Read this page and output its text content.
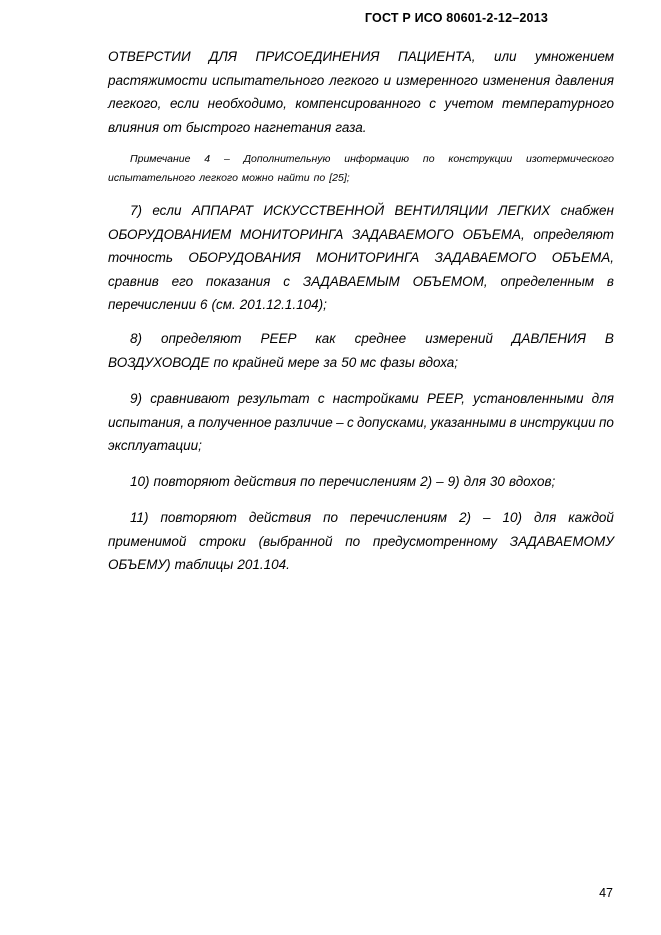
ГОСТ Р ИСО 80601-2-12–2013
ОТВЕРСТИИ ДЛЯ ПРИСОЕДИНЕНИЯ ПАЦИЕНТА, или умножением
растяжимости испытательного легкого и измеренного изменения давления
легкого, если необходимо, компенсированного с учетом температурного
влияния от быстрого нагнетания газа.
Примечание 4 – Дополнительную информацию по конструкции изотермического
испытательного легкого можно найти по [25];
7) если АППАРАТ ИСКУССТВЕННОЙ ВЕНТИЛЯЦИИ ЛЕГКИХ снабжен
ОБОРУДОВАНИЕМ МОНИТОРИНГА ЗАДАВАЕМОГО ОБЪЕМА, определяют
точность ОБОРУДОВАНИЯ МОНИТОРИНГА ЗАДАВАЕМОГО ОБЪЕМА,
сравнив его показания с ЗАДАВАЕМЫМ ОБЪЕМОМ, определенным в
перечислении 6 (см. 201.12.1.104);
8) определяют PEEP как среднее измерений ДАВЛЕНИЯ В
ВОЗДУХОВОДЕ по крайней мере за 50 мс фазы вдоха;
9) сравнивают результат с настройками PEEP, установленными для
испытания, а полученное различие – с допусками, указанными в инструкции по
эксплуатации;
10) повторяют действия по перечислениям 2) – 9) для 30 вдохов;
11) повторяют действия по перечислениям 2) – 10) для каждой
применимой строки (выбранной по предусмотренному ЗАДАВАЕМОМУ
ОБЪЕМУ) таблицы 201.104.
47
